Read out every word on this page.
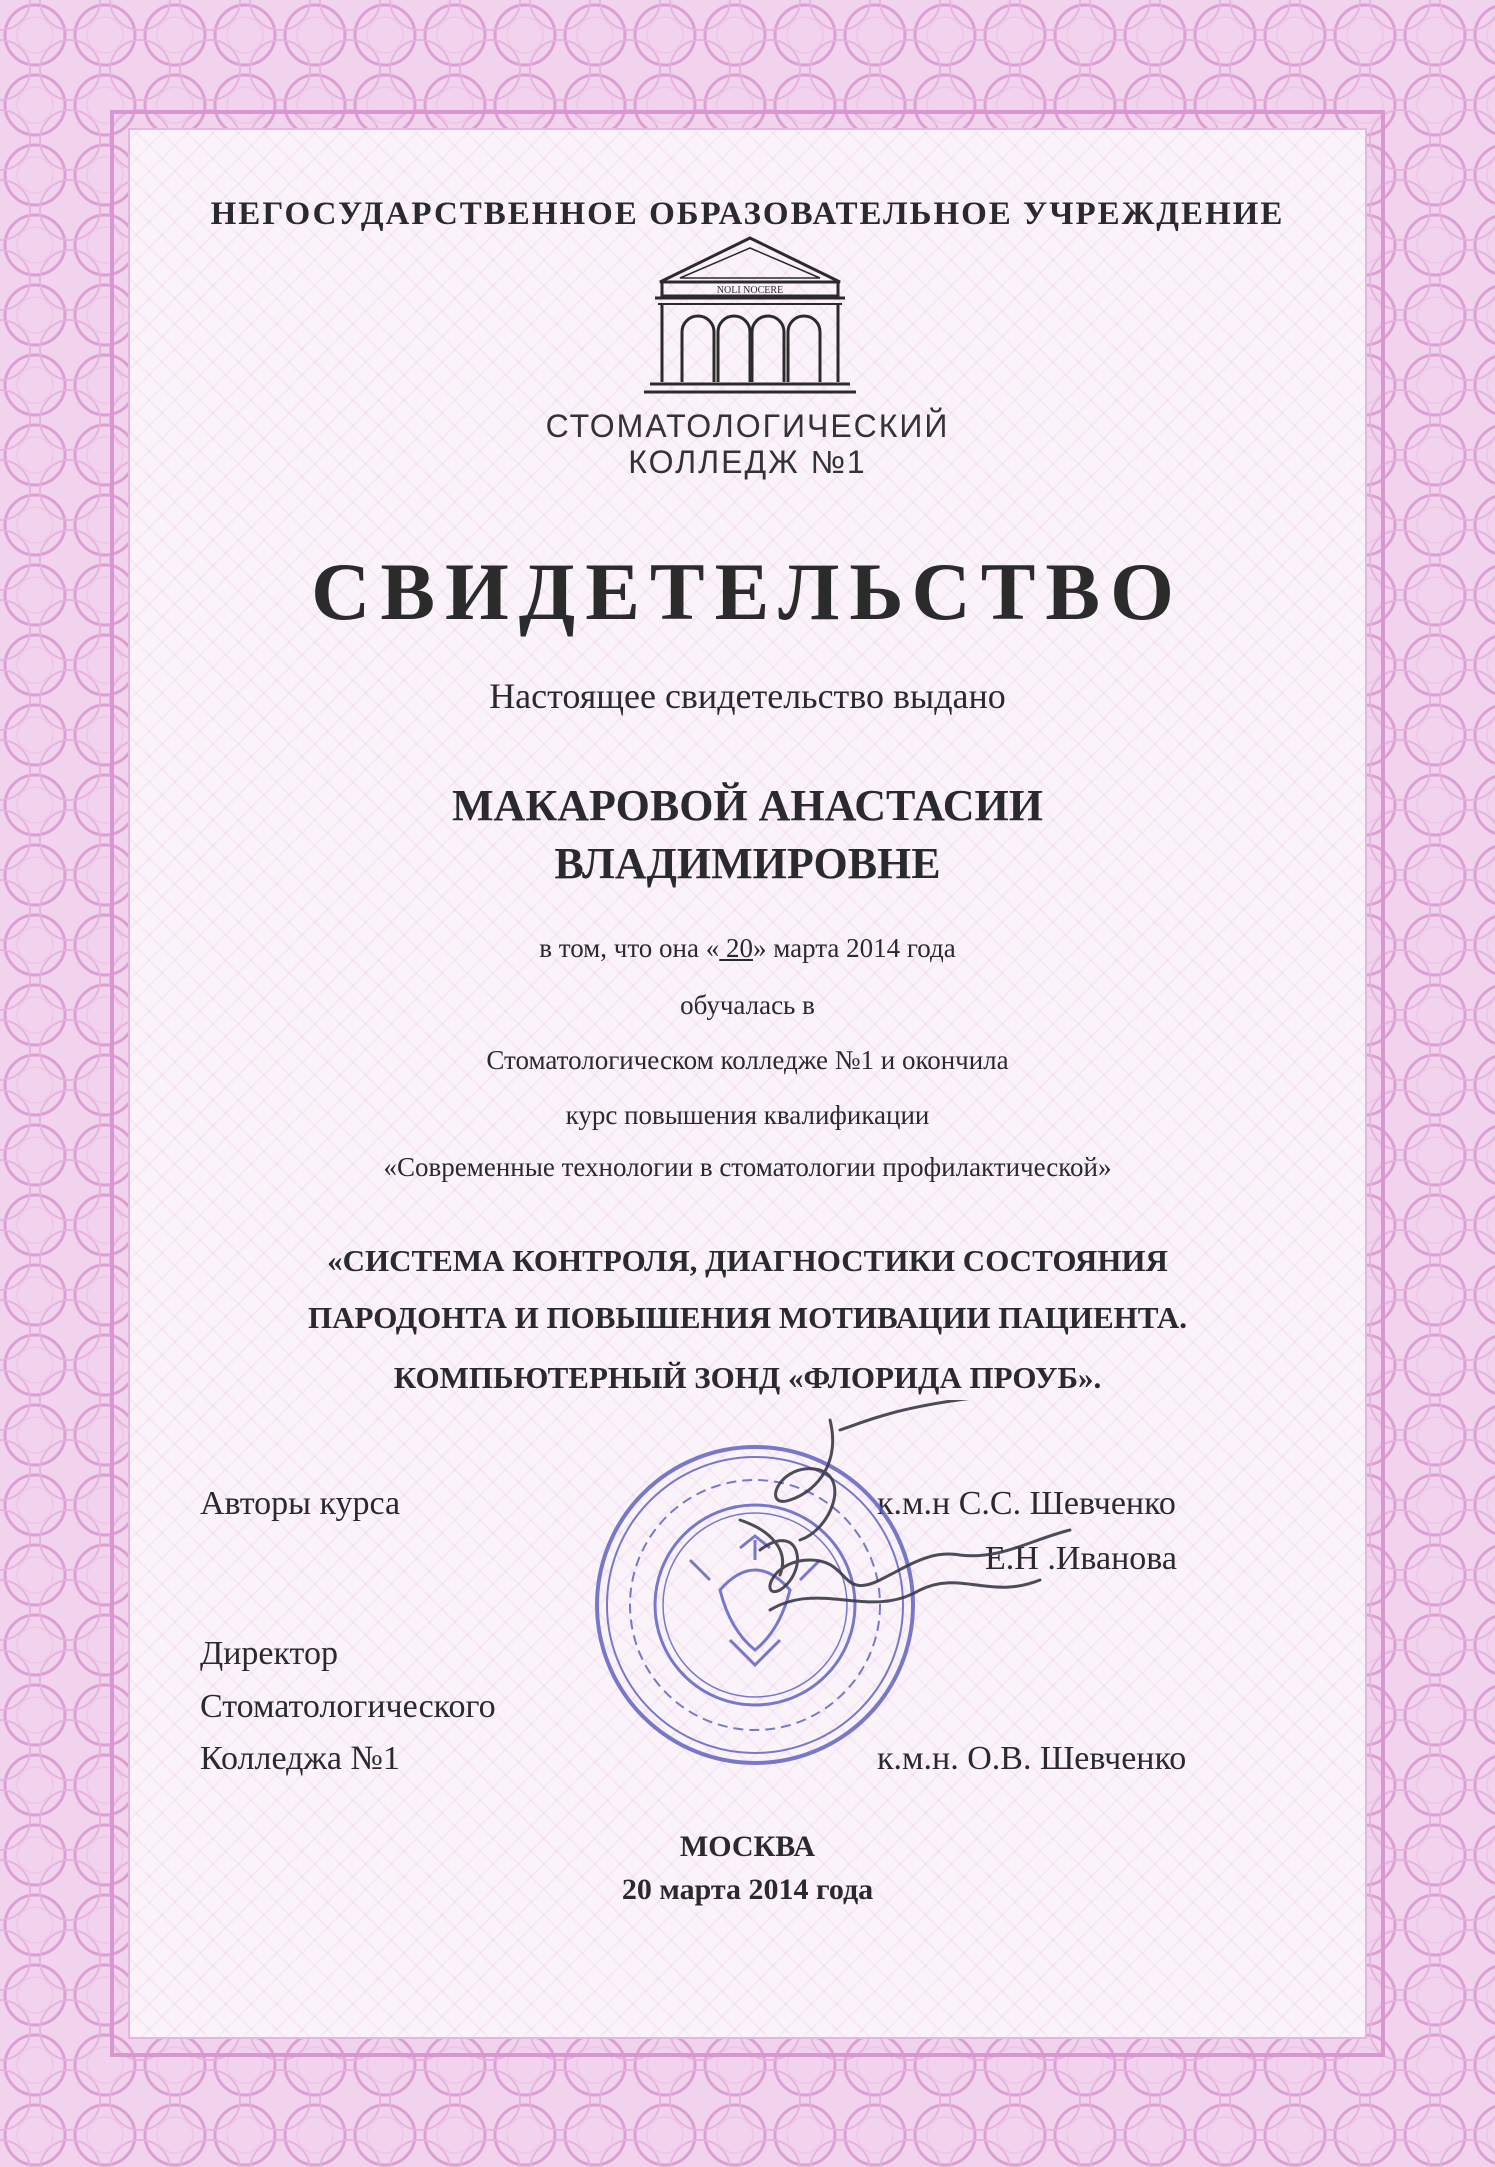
НЕГОСУДАРСТВЕННОЕ ОБРАЗОВАТЕЛЬНОЕ УЧРЕЖДЕНИЕ
NOLI NOCERE
СТОМАТОЛОГИЧЕСКИЙ
КОЛЛЕДЖ №1
СВИДЕТЕЛЬСТВО
Настоящее свидетельство выдано
МАКАРОВОЙ АНАСТАСИИ
ВЛАДИМИРОВНЕ
в том, что она « 20» марта 2014 года
обучалась в
Стоматологическом колледже №1 и окончила
курс повышения квалификации
«Современные технологии в стоматологии профилактической»
«СИСТЕМА КОНТРОЛЯ, ДИАГНОСТИКИ СОСТОЯНИЯ
ПАРОДОНТА И ПОВЫШЕНИЯ МОТИВАЦИИ ПАЦИЕНТА.
КОМПЬЮТЕРНЫЙ ЗОНД «ФЛОРИДА ПРОУБ».
Авторы курса	к.м.н С.С. Шевченко
Е.Н .Иванова
Директор
Стоматологического
Колледжа №1	к.м.н. О.В. Шевченко
МОСКВА
20 марта 2014 года
